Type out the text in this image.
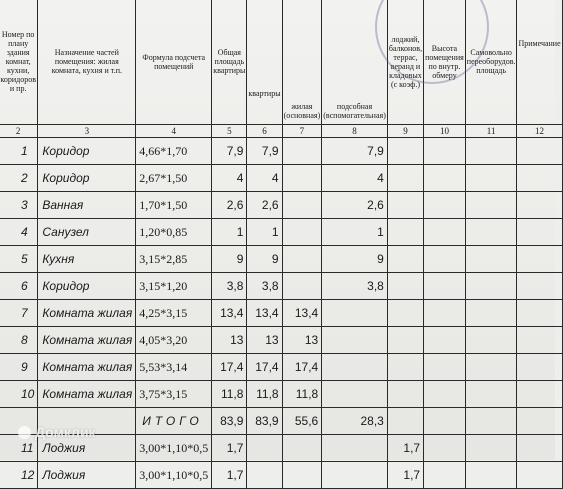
Номер по плану здания комнат, кухни, коридоров и пр.	Назначение частей помещения: жилая комната, кухня и т.п.	Формула подсчета помещений	Общая площадь квартиры	квартиры	жилая (основная)	подсобная (вспомогательная)	лоджий, балконов, террас, веранд и кладовых (с коэф.)	Высота помещения по внутр. обмеру	Самовольно переоборудов. площадь	Примечание
2	3	4	5	6	7	8	9	10	11	12
1	Коридор	4,66*1,70	7,9	7,9		7,9				
2	Коридор	2,67*1,50	4	4		4				
3	Ванная	1,70*1,50	2,6	2,6		2,6				
4	Санузел	1,20*0,85	1	1		1				
5	Кухня	3,15*2,85	9	9		9				
6	Коридор	3,15*1,20	3,8	3,8		3,8				
7	Комната жилая	4,25*3,15	13,4	13,4	13,4					
8	Комната жилая	4,05*3,20	13	13	13					
9	Комната жилая	5,53*3,14	17,4	17,4	17,4					
10	Комната жилая	3,75*3,15	11,8	11,8	11,8					
		ИТОГО	83,9	83,9	55,6	28,3				
11	Лоджия	3,00*1,10*0,5	1,7				1,7			
12	Лоджия	3,00*1,10*0,5	1,7				1,7			
Домклик
